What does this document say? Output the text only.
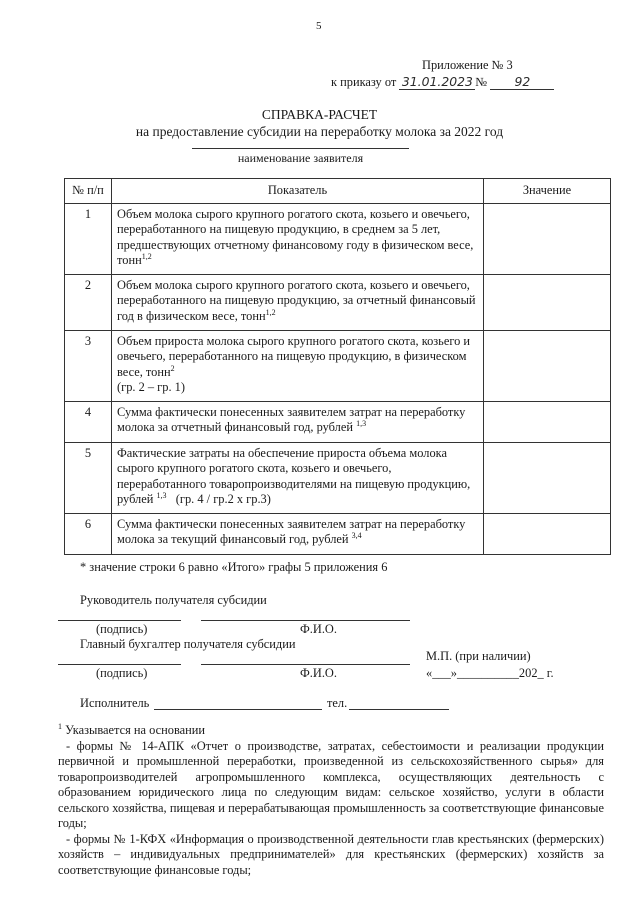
5
Приложение № 3
к приказу от 31.01.2023 № 92
СПРАВКА-РАСЧЕТ
на предоставление субсидии на переработку молока за 2022 год
наименование заявителя
№ п/п	Показатель	Значение
1	Объем молока сырого крупного рогатого скота, козьего и овечьего, переработанного на пищевую продукцию, в среднем за 5 лет, предшествующих отчетному финансовому году в физическом весе, тонн$^{1,2}$	
2	Объем молока сырого крупного рогатого скота, козьего и овечьего, переработанного на пищевую продукцию, за отчетный финансовый год в физическом весе, тонн$^{1,2}$	
3	Объем прироста молока сырого крупного рогатого скота, козьего и овечьего, переработанного на пищевую продукцию, в физическом весе, тонн$^2$
(гр. 2 – гр. 1)	
4	Сумма фактически понесенных заявителем затрат на переработку молока за отчетный финансовый год, рублей $^{1,3}$	
5	Фактические затраты на обеспечение прироста объема молока сырого крупного рогатого скота, козьего и овечьего, переработанного товаропроизводителями на пищевую продукцию, рублей $^{1,3}$ (гр. 4 / гр.2 х гр.3)	
6	Сумма фактически понесенных заявителем затрат на переработку молока за текущий финансовый год, рублей $^{3,4}$	
* значение строки 6 равно «Итого» графы 5 приложения 6
Руководитель получателя субсидии
(подпись)	Ф.И.О.
Главный бухгалтер получателя субсидии
(подпись)	Ф.И.О.
М.П. (при наличии)
«___»__________202_ г.
Исполнитель	тел.

$^1$ Указывается на основании

- формы № 14-АПК «Отчет о производстве, затратах, себестоимости и реализации продукции первичной и промышленной переработки, произведенной из сельскохозяйственного сырья» для товаропроизводителей агропромышленного комплекса, осуществляющих деятельность с образованием юридического лица по следующим видам: сельское хозяйство, услуги в области сельского хозяйства, пищевая и перерабатывающая промышленность за соответствующие финансовые годы;

- формы № 1-КФХ «Информация о производственной деятельности глав крестьянских (фермерских) хозяйств – индивидуальных предпринимателей» для крестьянских (фермерских) хозяйств за соответствующие финансовые годы;
